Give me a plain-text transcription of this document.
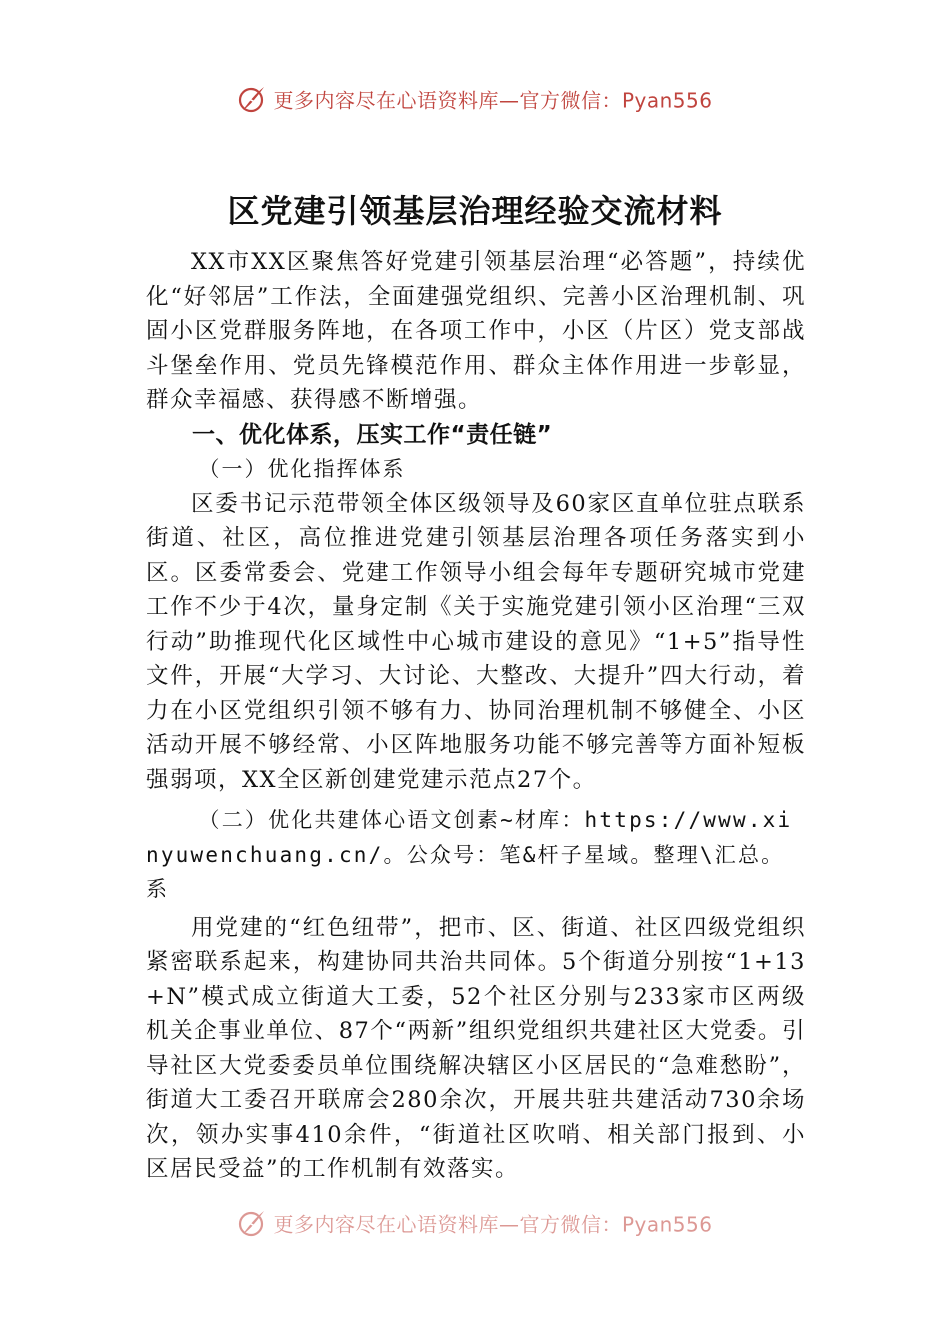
更多内容尽在心语资料库—官方微信：Pyan556
区党建引领基层治理经验交流材料

XX市XX区聚焦答好党建引领基层治理“必答题”，持续优化“好邻居”工作法，全面建强党组织、完善小区治理机制、巩固小区党群服务阵地，在各项工作中，小区（片区）党支部战斗堡垒作用、党员先锋模范作用、群众主体作用进一步彰显，群众幸福感、获得感不断增强。

一、优化体系，压实工作“责任链”

（一）优化指挥体系

区委书记示范带领全体区级领导及60家区直单位驻点联系街道、社区，高位推进党建引领基层治理各项任务落实到小区。区委常委会、党建工作领导小组会每年专题研究城市党建工作不少于4次，量身定制《关于实施党建引领小区治理“三双行动”助推现代化区域性中心城市建设的意见》“1+5”指导性文件，开展“大学习、大讨论、大整改、大提升”四大行动，着力在小区党组织引领不够有力、协同治理机制不够健全、小区活动开展不够经常、小区阵地服务功能不够完善等方面补短板强弱项，XX全区新创建党建示范点27个。

（二）优化共建体心语文创素~材库：https://www.xinyuwenchuang.cn/。公众号：笔&杆子星域。整理\汇总。系

用党建的“红色纽带”，把市、区、街道、社区四级党组织紧密联系起来，构建协同共治共同体。5个街道分别按“1+13+N”模式成立街道大工委，52个社区分别与233家市区两级机关企事业单位、87个“两新”组织党组织共建社区大党委。引导社区大党委委员单位围绕解决辖区小区居民的“急难愁盼”，街道大工委召开联席会280余次，开展共驻共建活动730余场次，领办实事410余件，“街道社区吹哨、相关部门报到、小区居民受益”的工作机制有效落实。

更多内容尽在心语资料库—官方微信：Pyan556
